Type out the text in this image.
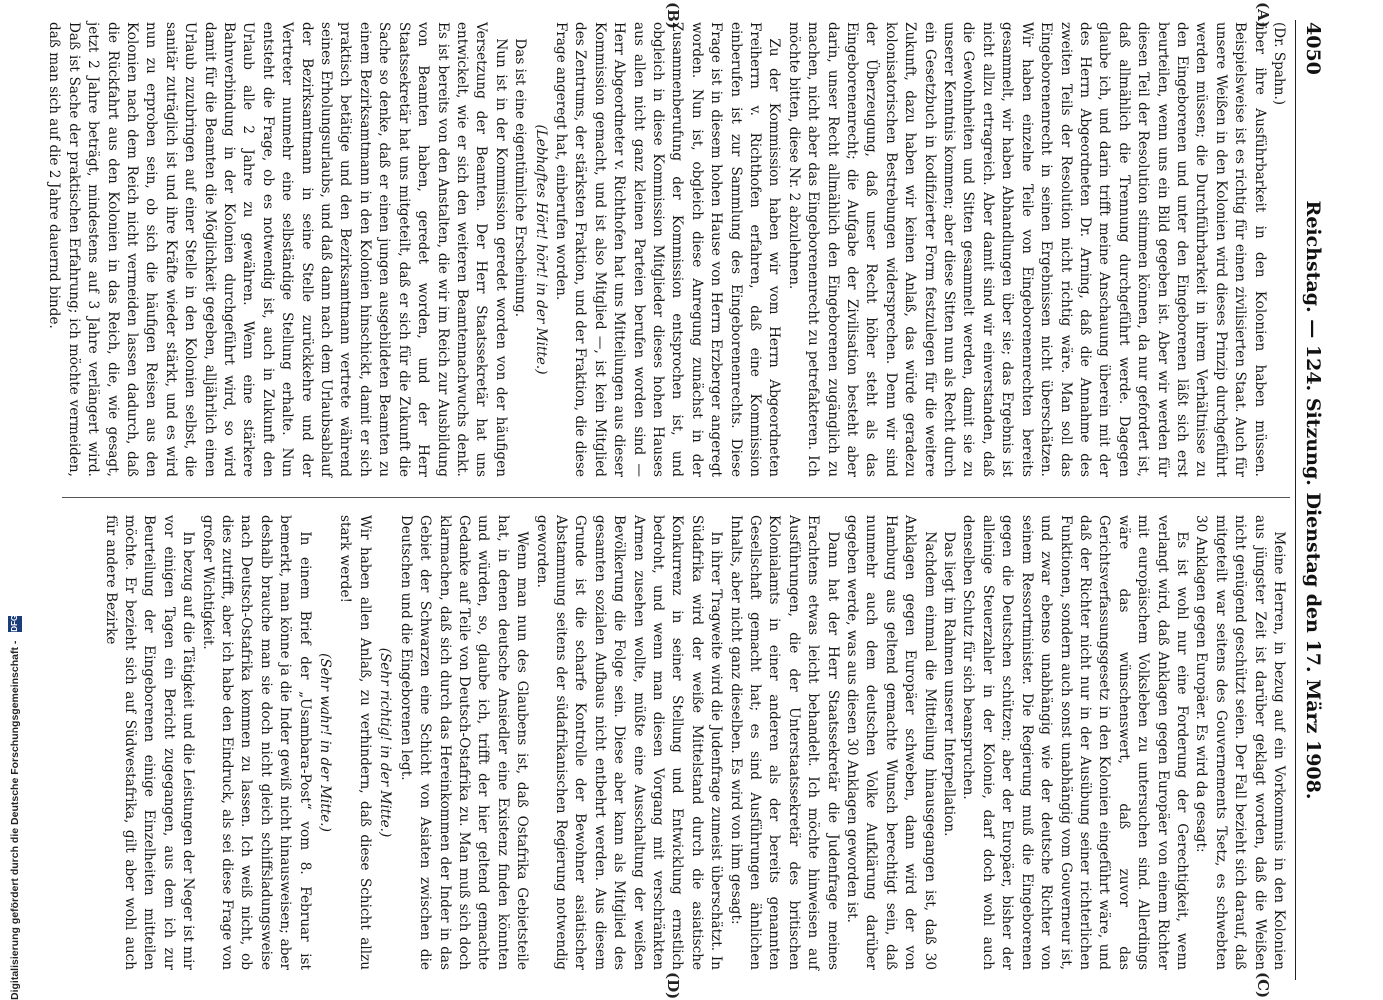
4050
Reichstag. — 124. Sitzung. Dienstag den 17. März 1908.
(A)
(B)
(C)
(D)

(Dr. Spahn.)

über ihre Ausführbarkeit in den Kolonien haben müssen. Beispielsweise ist es richtig für einen zivilisierten Staat. Auch für unsere Weißen in den Kolonien wird dieses Prinzip durchgeführt werden müssen; die Durchführbarkeit in ihrem Verhältnisse zu den Eingeborenen und unter den Eingeborenen läßt sich erst beurteilen, wenn uns ein Bild gegeben ist. Aber wir werden für diesen Teil der Resolution stimmen können, da nur gefordert ist, daß allmählich die Trennung durchgeführt werde. Dagegen glaube ich, und darin trifft meine Anschauung überein mit der des Herrn Abgeordneten Dr. Arning, daß die Annahme des zweiten Teils der Resolution nicht richtig wäre. Man soll das Eingeborenenrecht in seinen Ergebnissen nicht überschätzen. Wir haben einzelne Teile von Eingeborenenrechten bereits gesammelt, wir haben Abhandlungen über sie; das Ergebnis ist nicht allzu ertragreich. Aber damit sind wir einverstanden, daß die Gewohnheiten und Sitten gesammelt werden, damit sie zu unserer Kenntnis kommen; aber diese Sitten nun als Recht durch ein Gesetzbuch in kodifizierter Form festzulegen für die weitere Zukunft, dazu haben wir keinen Anlaß, das würde geradezu kolonisatorischen Bestrebungen widersprechen. Denn wir sind der Überzeugung, daß unser Recht höher steht als das Eingeborenenrecht; die Aufgabe der Zivilisation besteht aber darin, unser Recht allmählich den Eingeborenen zugänglich zu machen, nicht aber das Eingeborenenrecht zu petrefakteren. Ich möchte bitten, diese Nr. 2 abzulehnen.

Zu der Kommission haben wir vom Herrn Abgeordneten Freiherrn v. Richthofen erfahren, daß eine Kommission einberufen ist zur Sammlung des Eingeborenenrechts. Diese Frage ist in diesem hohen Hause von Herrn Erzberger angeregt worden. Nun ist, obgleich diese Anregung zunächst in der Zusammenberufung der Kommission entsprochen ist, und obgleich in diese Kommission Mitglieder dieses hohen Hauses aus allen nicht ganz kleinen Parteien berufen worden sind — Herr Abgeordneter v. Richthofen hat uns Mitteilungen aus dieser Kommission gemacht, und ist also Mitglied —, ist kein Mitglied des Zentrums, der stärksten Fraktion, und der Fraktion, die diese Frage angeregt hat, einberufen worden.

(Lebhaftes Hört! hört! in der Mitte.)

Das ist eine eigentümliche Erscheinung.

Nun ist in der Kommission geredet worden von der häufigen Versetzung der Beamten. Der Herr Staatssekretär hat uns entwickelt, wie er sich den weiteren Beamtennachwuchs denkt. Es ist bereits von den Anstalten, die wir im Reich zur Ausbildung von Beamten haben, geredet worden, und der Herr Staatssekretär hat uns mitgeteilt, daß er sich für die Zukunft die Sache so denke, daß er einen jungen ausgebildeten Beamten zu einem Bezirksamtmann in den Kolonien hinschickt, damit er sich praktisch betätige und den Bezirksamtmann vertrete während seines Erholungsurlaubs, und daß dann nach dem Urlaubsablauf der Bezirksamtmann in seine Stelle zurückkehre und der Vertreter nunmehr eine selbständige Stellung erhalte. Nun entsteht die Frage, ob es notwendig ist, auch in Zukunft den Urlaub alle 2 Jahre zu gewähren. Wenn eine stärkere Bahnverbindung in der Kolonien durchgeführt wird, so wird damit für die Beamten die Möglichkeit gegeben, alljährlich einen Urlaub zuzubringen auf einer Stelle in den Kolonien selbst, die sanitär zuträglich ist und ihre Kräfte wieder stärkt, und es wird nun zu erproben sein, ob sich die häufigen Reisen aus den Kolonien nach dem Reich nicht vermeiden lassen dadurch, daß die Rückfahrt aus den Kolonien in das Reich, die, wie gesagt, jetzt 2 Jahre beträgt, mindestens auf 3 Jahre verlängert wird. Daß ist Sache der praktischen Erfahrung; ich möchte vermeiden, daß man sich auf die 2 Jahre dauernd binde.

Meine Herren, in bezug auf ein Vorkommnis in den Kolonien aus jüngster Zeit ist darüber geklagt worden, daß die Weißen nicht genügend geschützt seien. Der Fall bezieht sich darauf, daß mitgeteilt war seitens des Gouvernements Tsetz, es schwebten 30 Anklagen gegen Europäer. Es wird da gesagt:

Es ist wohl nur eine Forderung der Gerechtigkeit, wenn verlangt wird, daß Anklagen gegen Europäer von einem Richter mit europäischem Volksleben zu untersuchen sind. Allerdings wäre das wünschenswert, daß zuvor das Gerichtsverfassungsgesetz in den Kolonien eingeführt wäre, und daß der Richter nicht nur in der Ausübung seiner richterlichen Funktionen, sondern auch sonst unabhängig vom Gouverneur ist, und zwar ebenso unabhängig wie der deutsche Richter von seinem Ressortminister. Die Regierung muß die Eingeborenen gegen die Deutschen schützen; aber der Europäer, bisher der alleinige Steuerzahler in der Kolonie, darf doch wohl auch denselben Schutz für sich beanspruchen.

Das liegt im Rahmen unserer Interpellation.

Nachdem einmal die Mitteilung hinausgegangen ist, daß 30 Anklagen gegen Europäer schweben, dann wird der von Hamburg aus geltend gemachte Wunsch berechtigt sein, daß nunmehr auch dem deutschen Volke Aufklärung darüber gegeben werde, was aus diesen 30 Anklagen geworden ist.

Dann hat der Herr Staatssekretär die Judenfrage meines Erachtens etwas leicht behandelt. Ich möchte hinweisen auf Ausführungen, die der Unterstaatssekretär des britischen Kolonialamts in einer anderen als der bereits genannten Gesellschaft gemacht hat; es sind Ausführungen ähnlichen Inhalts, aber nicht ganz dieselben. Es wird von ihm gesagt:

In ihrer Tragweite wird die Judenfrage zumeist überschätzt. In Südafrika wird der weiße Mittelstand durch die asiatische Konkurrenz in seiner Stellung und Entwicklung ernstlich bedroht, und wenn man diesen Vorgang mit verschränkten Armen zusehen wollte, müßte eine Ausschaltung der weißen Bevölkerung die Folge sein. Diese aber kann als Mitglied des gesamten sozialen Aufbaus nicht entbehrt werden. Aus diesem Grunde ist die scharfe Kontrolle der Bewohner asiatischer Abstammung seitens der südafrikanischen Regierung notwendig geworden.

Wenn man nun des Glaubens ist, daß Ostafrika Gebietsteile hat, in denen deutsche Ansiedler eine Existenz finden könnten und würden, so, glaube ich, trifft der hier geltend gemachte Gedanke auf Teile von Deutsch-Ostafrika zu. Man muß sich doch klarmachen, daß sich durch das Hereinkommen der Inder in das Gebiet der Schwarzen eine Schicht von Asiaten zwischen die Deutschen und die Eingeborenen legt.

(Sehr richtig! in der Mitte.)

Wir haben allen Anlaß, zu verhindern, daß diese Schicht allzu stark werde!

(Sehr wahr! in der Mitte.)

In einem Brief der „Usambara-Post“ vom 8. Februar ist bemerkt, man könne ja die Inder gewiß nicht hinausweisen; aber deshalb brauche man sie doch nicht gleich schiffsladungsweise nach Deutsch-Ostafrika kommen zu lassen. Ich weiß nicht, ob dies zutrifft, aber ich habe den Eindruck, als sei diese Frage von großer Wichtigkeit.

In bezug auf die Tätigkeit und die Leistungen der Neger ist mir vor einigen Tagen ein Bericht zugegangen, aus dem ich zur Beurteilung der Eingeborenen einige Einzelheiten mitteilen möchte. Er bezieht sich auf Südwestafrika, gilt aber wohl auch für andere Bezirke

Digitalisierung gefördert durch die Deutsche Forschungsgemeinschaft - DFG
